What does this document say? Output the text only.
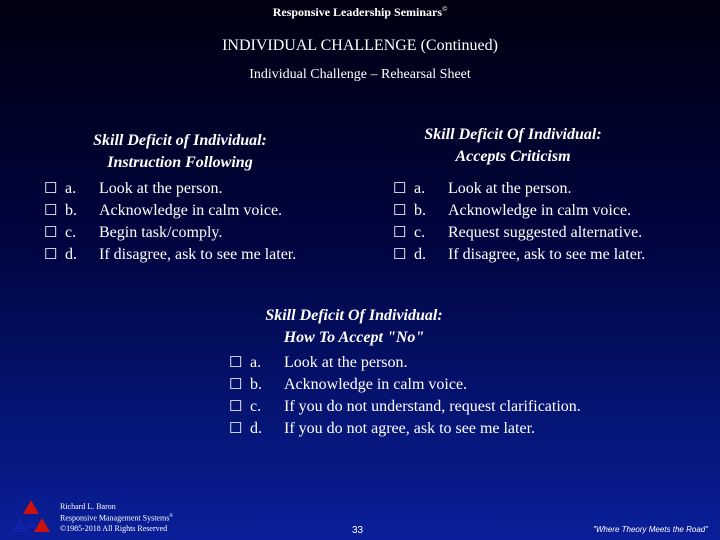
Responsive Leadership Seminars©
INDIVIDUAL CHALLENGE (Continued)
Individual Challenge – Rehearsal Sheet
Skill Deficit of Individual:
Instruction Following
☐ a.	Look at the person.
☐ b.	Acknowledge in calm voice.
☐ c.	Begin task/comply.
☐ d.	If disagree, ask to see me later.
Skill Deficit Of Individual:
Accepts Criticism
☐ a.	Look at the person.
☐ b.	Acknowledge in calm voice.
☐ c.	Request suggested alternative.
☐ d.	If disagree, ask to see me later.
Skill Deficit Of Individual:
How To Accept "No"
☐ a.	Look at the person.
☐ b.	Acknowledge in calm voice.
☐ c.	If you do not understand, request clarification.
☐ d.	If you do not agree, ask to see me later.
Richard L. Baron
Responsive Management Systems®
©1985-2018 All Rights Reserved	33	"Where Theory Meets the Road"
